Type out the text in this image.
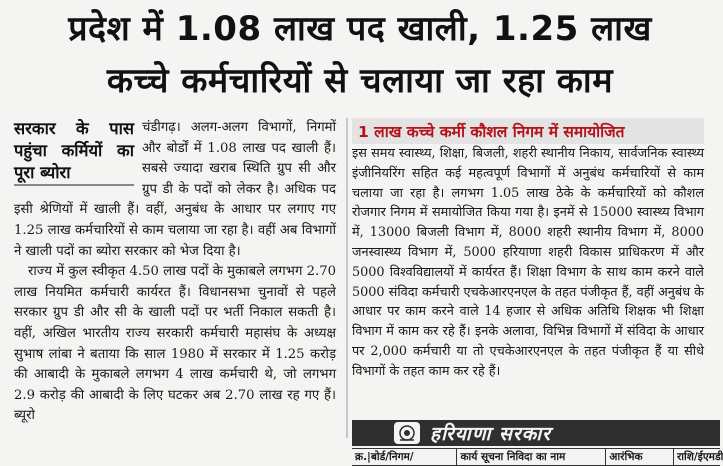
प्रदेश में 1.08 लाख पद खाली, 1.25 लाख
कच्चे कर्मचारियों से चलाया जा रहा काम

सरकार के पास पहुंचा कर्मियों का पूरा ब्योरा
चंडीगढ़। अलग-अलग विभागों, निगमों और बोर्डों में 1.08 लाख पद खाली हैं। सबसे ज्यादा खराब स्थिति ग्रुप सी और ग्रुप डी के पदों को लेकर है। अधिक पद इसी श्रेणियों में खाली हैं। वहीं, अनुबंध के आधार पर लगाए गए 1.25 लाख कर्मचारियों से काम चलाया जा रहा है। वहीं अब विभागों ने खाली पदों का ब्योरा सरकार को भेज दिया है।

राज्य में कुल स्वीकृत 4.50 लाख पदों के मुकाबले लगभग 2.70 लाख नियमित कर्मचारी कार्यरत हैं। विधानसभा चुनावों से पहले सरकार ग्रुप डी और सी के खाली पदों पर भर्ती निकाल सकती है। वहीं, अखिल भारतीय राज्य सरकारी कर्मचारी महासंघ के अध्यक्ष सुभाष लांबा ने बताया कि साल 1980 में सरकार में 1.25 करोड़ की आबादी के मुकाबले लगभग 4 लाख कर्मचारी थे, जो लगभग 2.9 करोड़ की आबादी के लिए घटकर अब 2.70 लाख रह गए हैं। ब्यूरो

1 लाख कच्चे कर्मी कौशल निगम में समायोजित

इस समय स्वास्थ्य, शिक्षा, बिजली, शहरी स्थानीय निकाय, सार्वजनिक स्वास्थ्य इंजीनियरिंग सहित कई महत्वपूर्ण विभागों में अनुबंध कर्मचारियों से काम चलाया जा रहा है। लगभग 1.05 लाख ठेके के कर्मचारियों को कौशल रोजगार निगम में समायोजित किया गया है। इनमें से 15000 स्वास्थ्य विभाग में, 13000 बिजली विभाग में, 8000 शहरी स्थानीय विभाग में, 8000 जनस्वास्थ्य विभाग में, 5000 हरियाणा शहरी विकास प्राधिकरण में और 5000 विश्वविद्यालयों में कार्यरत हैं। शिक्षा विभाग के साथ काम करने वाले 5000 संविदा कर्मचारी एचकेआरएनएल के तहत पंजीकृत हैं, वहीं अनुबंध के आधार पर काम करने वाले 14 हजार से अधिक अतिथि शिक्षक भी शिक्षा विभाग में काम कर रहे हैं। इनके अलावा, विभिन्न विभागों में संविदा के आधार पर 2,000 कर्मचारी या तो एचकेआरएनएल के तहत पंजीकृत हैं या सीधे विभागों के तहत काम कर रहे हैं।

हरियाणा सरकार
क्र.|बोर्ड/निगम/	कार्य सूचना निविदा का नाम	आरंभिक	राशि/ईएमडी
